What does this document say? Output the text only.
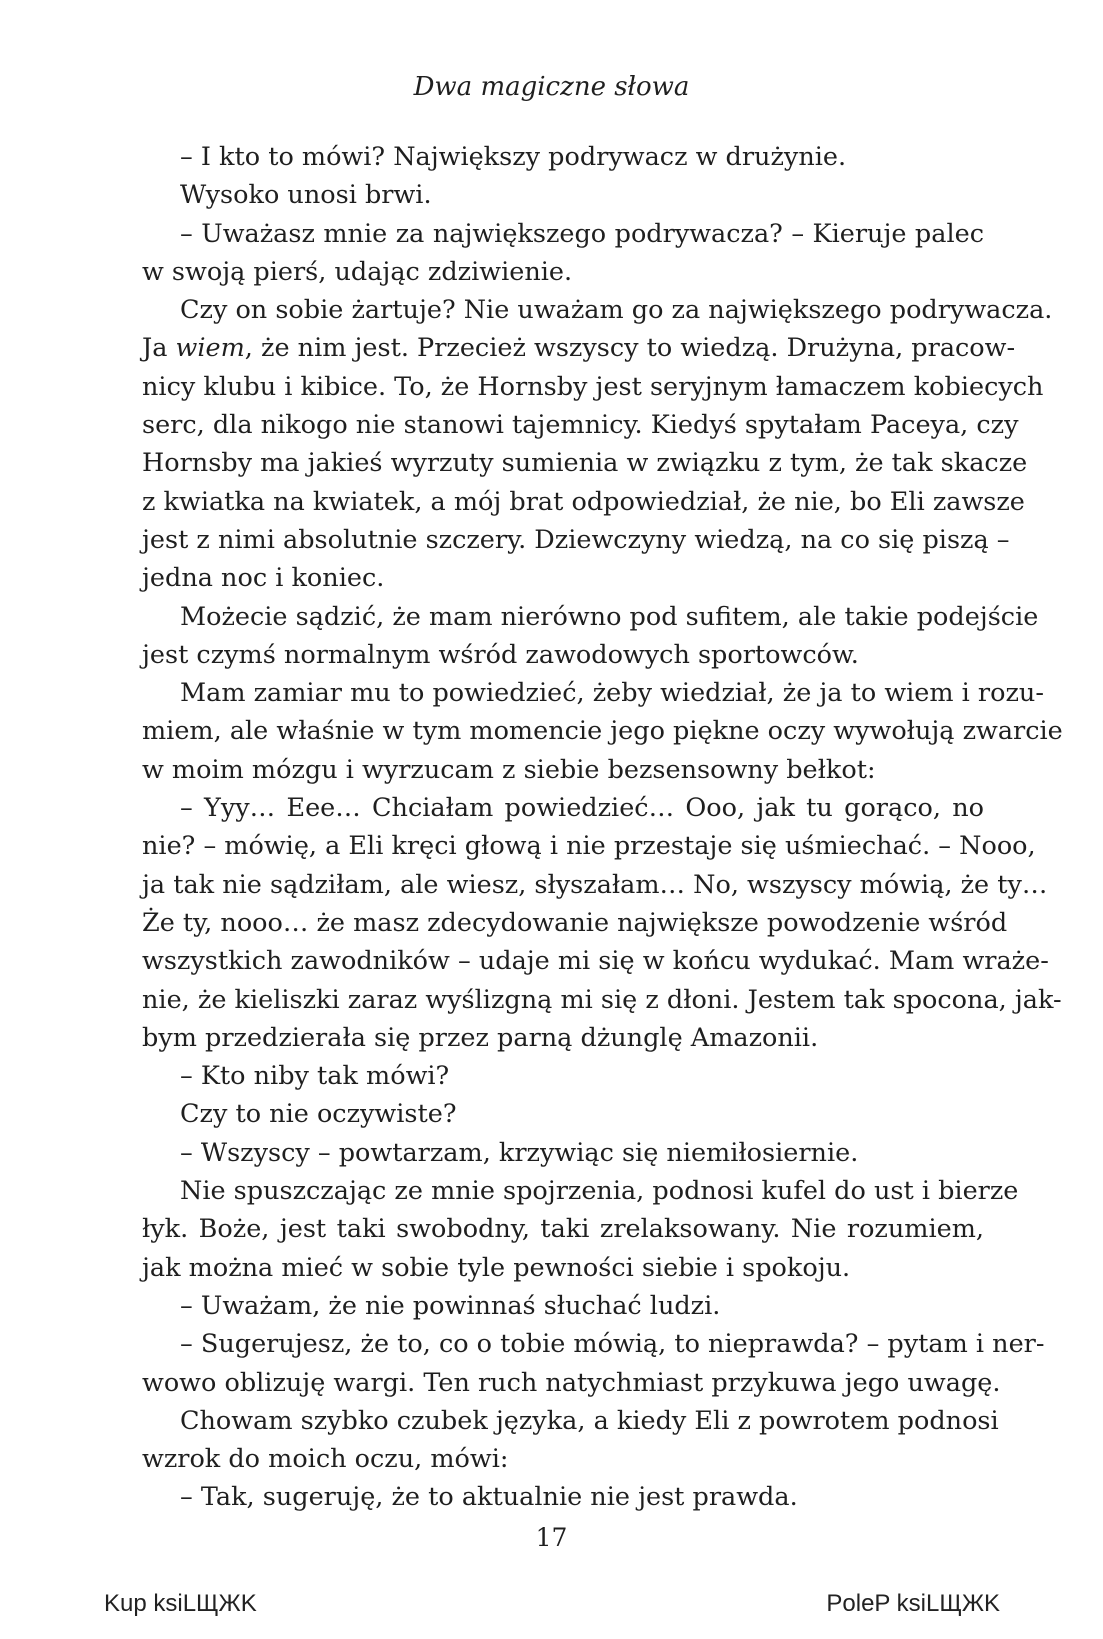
Dwa magiczne słowa
– I kto to mówi? Największy podrywacz w drużynie.
Wysoko unosi brwi.
– Uważasz mnie za największego podrywacza? – Kieruje palec
w swoją pierś, udając zdziwienie.
Czy on sobie żartuje? Nie uważam go za największego podrywacza.
Ja wiem, że nim jest. Przecież wszyscy to wiedzą. Drużyna, pracow-
nicy klubu i kibice. To, że Hornsby jest seryjnym łamaczem kobiecych
serc, dla nikogo nie stanowi tajemnicy. Kiedyś spytałam Paceya, czy
Hornsby ma jakieś wyrzuty sumienia w związku z tym, że tak skacze
z kwiatka na kwiatek, a mój brat odpowiedział, że nie, bo Eli zawsze
jest z nimi absolutnie szczery. Dziewczyny wiedzą, na co się piszą –
jedna noc i koniec.
Możecie sądzić, że mam nierówno pod sufitem, ale takie podejście
jest czymś normalnym wśród zawodowych sportowców.
Mam zamiar mu to powiedzieć, żeby wiedział, że ja to wiem i rozu-
miem, ale właśnie w tym momencie jego piękne oczy wywołują zwarcie
w moim mózgu i wyrzucam z siebie bezsensowny bełkot:
– Yyy… Eee… Chciałam powiedzieć… Ooo, jak tu gorąco, no
nie? – mówię, a Eli kręci głową i nie przestaje się uśmiechać. – Nooo,
ja tak nie sądziłam, ale wiesz, słyszałam… No, wszyscy mówią, że ty…
Że ty, nooo… że masz zdecydowanie największe powodzenie wśród
wszystkich zawodników – udaje mi się w końcu wydukać. Mam wraże-
nie, że kieliszki zaraz wyślizgną mi się z dłoni. Jestem tak spocona, jak-
bym przedzierała się przez parną dżunglę Amazonii.
– Kto niby tak mówi?
Czy to nie oczywiste?
– Wszyscy – powtarzam, krzywiąc się niemiłosiernie.
Nie spuszczając ze mnie spojrzenia, podnosi kufel do ust i bierze
łyk. Boże, jest taki swobodny, taki zrelaksowany. Nie rozumiem,
jak można mieć w sobie tyle pewności siebie i spokoju.
– Uważam, że nie powinnaś słuchać ludzi.
– Sugerujesz, że to, co o tobie mówią, to nieprawda? – pytam i ner-
wowo oblizuję wargi. Ten ruch natychmiast przykuwa jego uwagę.
Chowam szybko czubek języka, a kiedy Eli z powrotem podnosi
wzrok do moich oczu, mówi:
– Tak, sugeruję, że to aktualnie nie jest prawda.
17
Kup ksiLЩЖK	PoleP ksiLЩЖK
